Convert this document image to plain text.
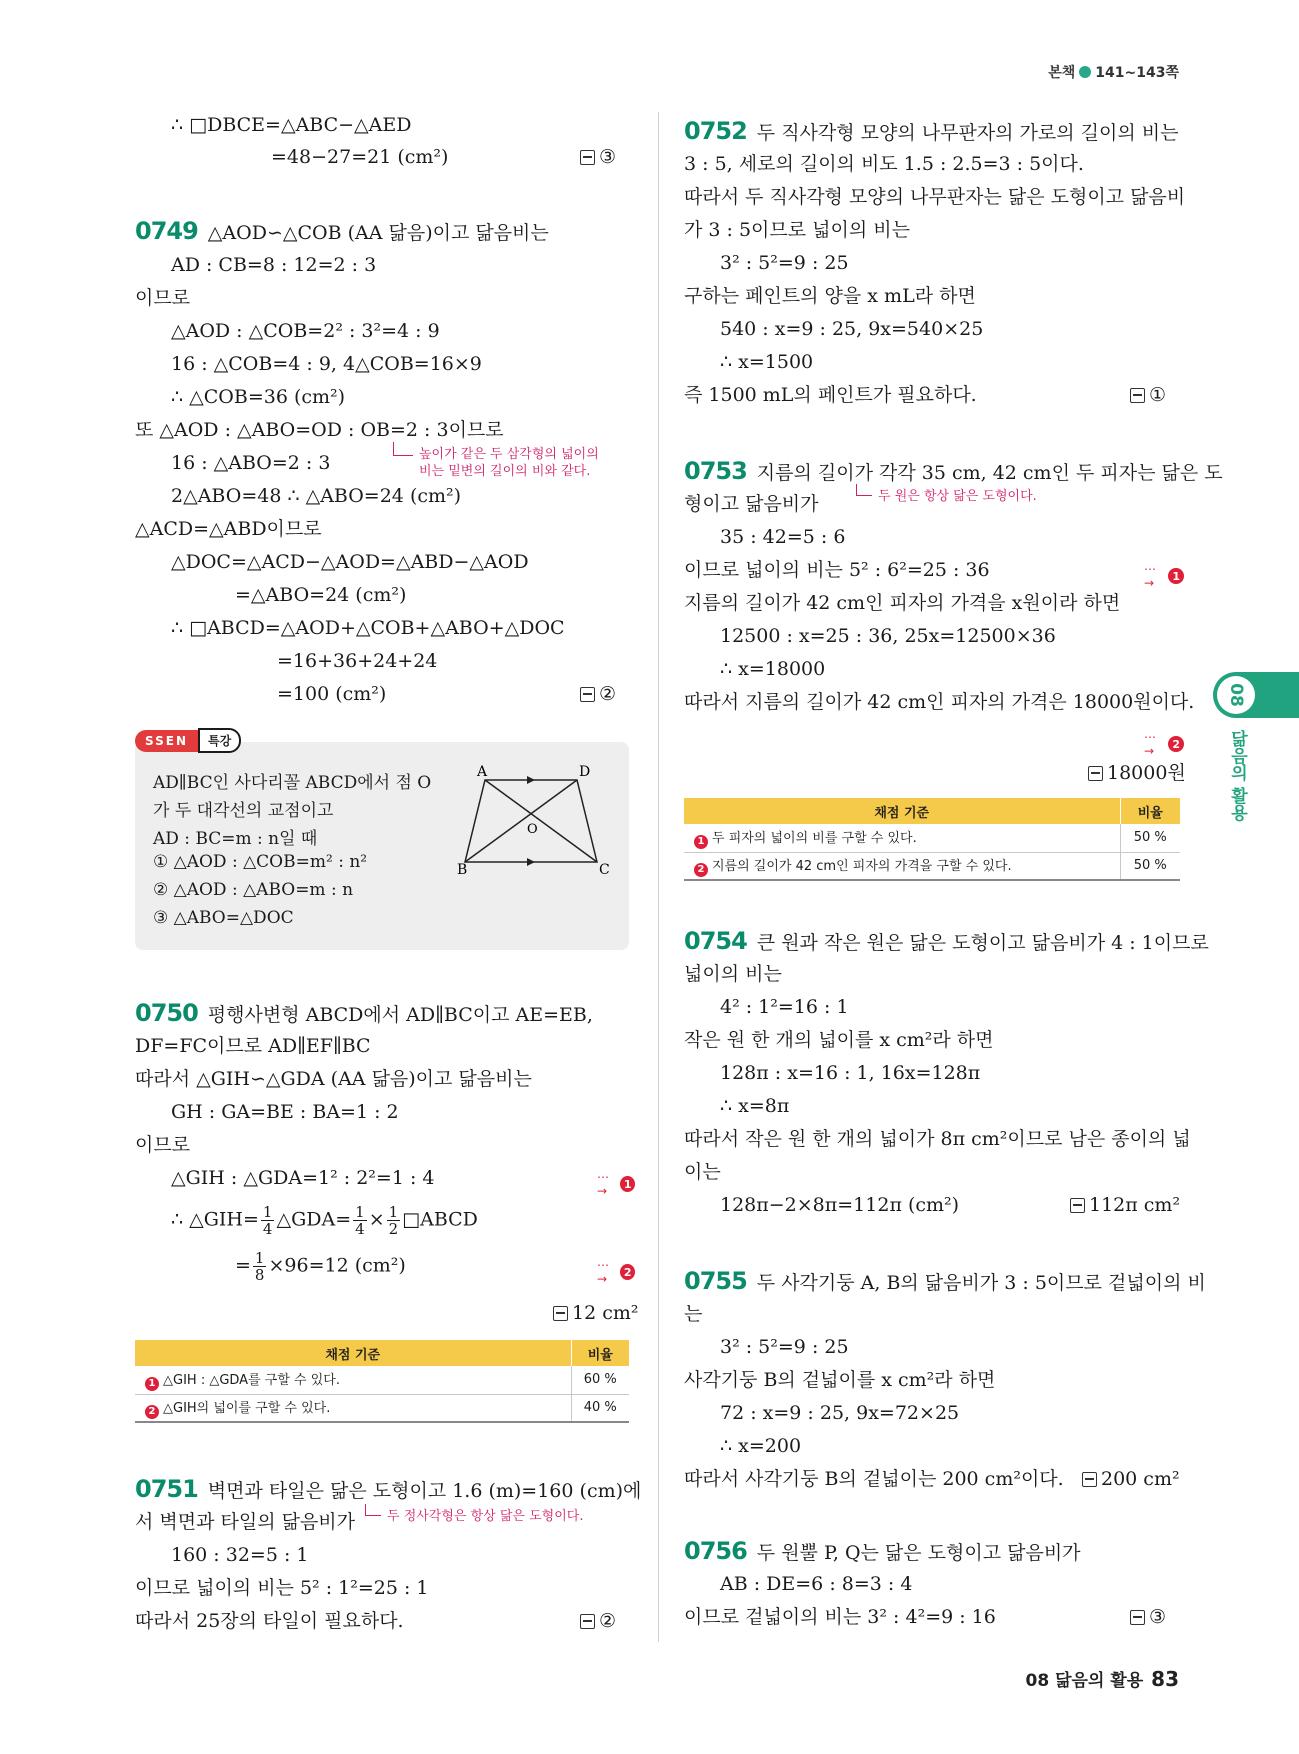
본책 141~143쪽
∴ □DBCE=△ABC−△AED
=48−27=21 (cm²)	③
0749 △AOD∽△COB (AA 닮음)이고 닮음비는
AD : CB=8 : 12=2 : 3
이므로
△AOD : △COB=2² : 3²=4 : 9
16 : △COB=4 : 9, 4△COB=16×9
∴ △COB=36 (cm²)
또 △AOD : △ABO=OD : OB=2 : 3이므로
높이가 같은 두 삼각형의 넓이의
비는 밑변의 길이의 비와 같다.
16 : △ABO=2 : 3
2△ABO=48 ∴ △ABO=24 (cm²)
△ACD=△ABD이므로
△DOC=△ACD−△AOD=△ABD−△AOD
=△ABO=24 (cm²)
∴ □ABCD=△AOD+△COB+△ABO+△DOC
=16+36+24+24
=100 (cm²)	②
AD∥BC인 사다리꼴 ABCD에서 점 O
가 두 대각선의 교점이고
AD : BC=m : n일 때
① △AOD : △COB=m² : n²
② △AOD : △ABO=m : n
③ △ABO=△DOC
A	D
B	C
O
SSEN	특강
0750 평행사변형 ABCD에서 AD∥BC이고 AE=EB,
DF=FC이므로 AD∥EF∥BC
따라서 △GIH∽△GDA (AA 닮음)이고 닮음비는
GH : GA=BE : BA=1 : 2
이므로
△GIH : △GDA=1² : 2²=1 : 4	⋯→	1
∴ △GIH= $\frac{1}{4}$ △GDA= $\frac{1}{4} \times \frac{1}{2}$ □ABCD
= $\frac{1}{8} \times 96=12$ (cm²)	⋯→	2
12 cm²
채점 기준	비율
1 △GIH : △GDA를 구할 수 있다.	60 %
2 △GIH의 넓이를 구할 수 있다.	40 %
0751 벽면과 타일은 닮은 도형이고 1.6 (m)=160 (cm)에
서 벽면과 타일의 닮음비가 두 정사각형은 항상 닮은 도형이다.
160 : 32=5 : 1
이므로 넓이의 비는 5² : 1²=25 : 1
따라서 25장의 타일이 필요하다.	②
0752 두 직사각형 모양의 나무판자의 가로의 길이의 비는
3 : 5, 세로의 길이의 비도 1.5 : 2.5=3 : 5이다.
따라서 두 직사각형 모양의 나무판자는 닮은 도형이고 닮음비
가 3 : 5이므로 넓이의 비는
3² : 5²=9 : 25
구하는 페인트의 양을 x mL라 하면
540 : x=9 : 25, 9x=540×25
∴ x=1500
즉 1500 mL의 페인트가 필요하다.	①
0753 지름의 길이가 각각 35 cm, 42 cm인 두 피자는 닮은 도
형이고 닮음비가	두 원은 항상 닮은 도형이다.
35 : 42=5 : 6
이므로 넓이의 비는 5² : 6²=25 : 36	⋯→	1
지름의 길이가 42 cm인 피자의 가격을 x원이라 하면
12500 : x=25 : 36, 25x=12500×36
∴ x=18000
따라서 지름의 길이가 42 cm인 피자의 가격은 18000원이다.
⋯→	2
18000원
채점 기준	비율
1 두 피자의 넓이의 비를 구할 수 있다.	50 %
2 지름의 길이가 42 cm인 피자의 가격을 구할 수 있다.	50 %
0754 큰 원과 작은 원은 닮은 도형이고 닮음비가 4 : 1이므로
넓이의 비는
4² : 1²=16 : 1
작은 원 한 개의 넓이를 x cm²라 하면
128π : x=16 : 1, 16x=128π
∴ x=8π
따라서 작은 원 한 개의 넓이가 8π cm²이므로 남은 종이의 넓
이는
128π−2×8π=112π (cm²)	112π cm²
0755 두 사각기둥 A, B의 닮음비가 3 : 5이므로 겉넓이의 비
는
3² : 5²=9 : 25
사각기둥 B의 겉넓이를 x cm²라 하면
72 : x=9 : 25, 9x=72×25
∴ x=200
따라서 사각기둥 B의 겉넓이는 200 cm²이다.	200 cm²
0756 두 원뿔 P, Q는 닮은 도형이고 닮음비가
AB : DE=6 : 8=3 : 4
이므로 겉넓이의 비는 3² : 4²=9 : 16	③
08
닮음의 활용
08 닮음의 활용 83
